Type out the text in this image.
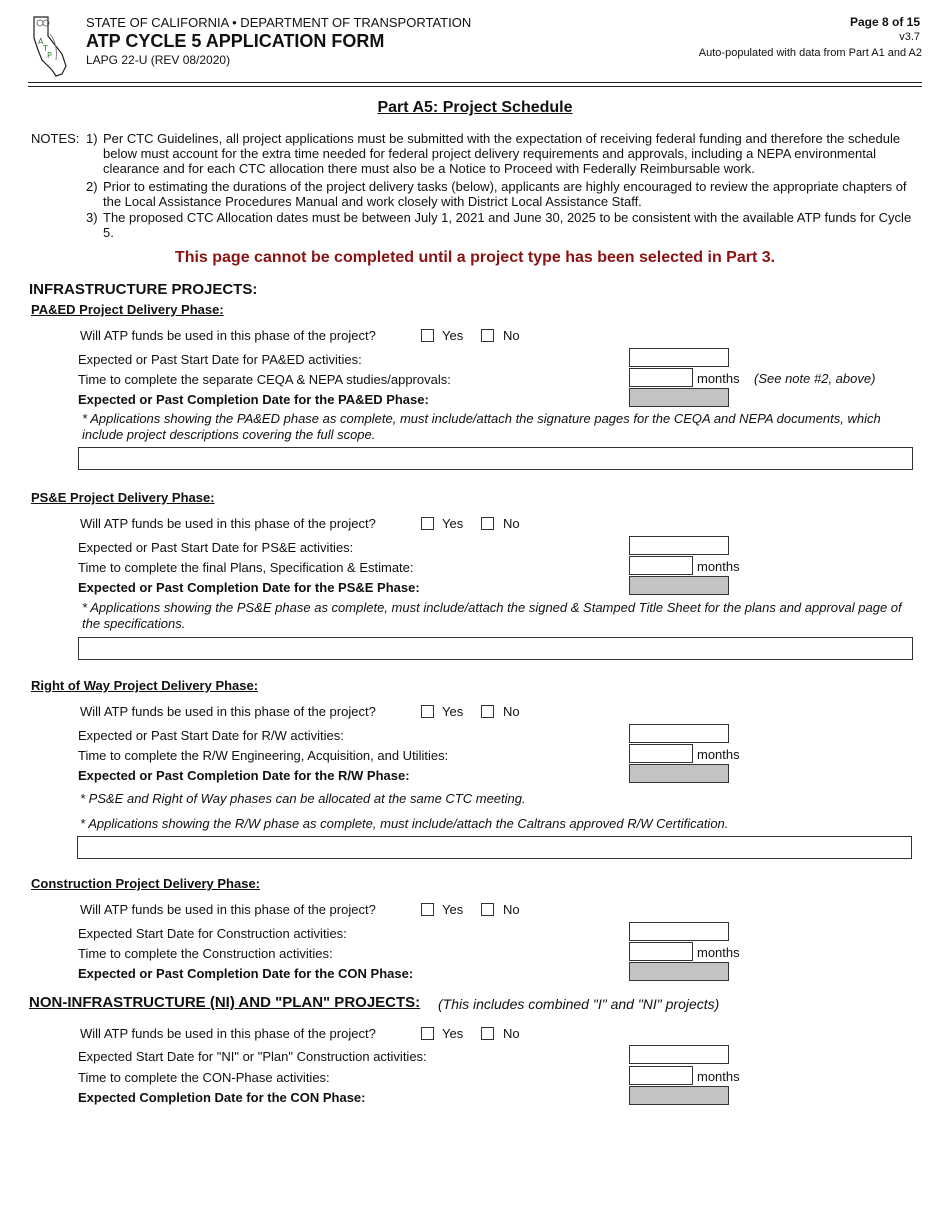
A
T
P
STATE OF CALIFORNIA • DEPARTMENT OF TRANSPORTATION
ATP CYCLE 5 APPLICATION FORM
LAPG 22-U (REV 08/2020)
Page 8 of 15
v3.7
Auto-populated with data from Part A1 and A2
Part A5: Project Schedule
NOTES: 1) Per CTC Guidelines, all project applications must be submitted with the expectation of receiving federal funding and therefore the schedule below must account for the extra time needed for federal project delivery requirements and approvals, including a NEPA environmental clearance and for each CTC allocation there must also be a Notice to Proceed with Federally Reimbursable work.
2) Prior to estimating the durations of the project delivery tasks (below), applicants are highly encouraged to review the appropriate chapters of the Local Assistance Procedures Manual and work closely with District Local Assistance Staff.
3) The proposed CTC Allocation dates must be between July 1, 2021 and June 30, 2025 to be consistent with the available ATP funds for Cycle 5.
This page cannot be completed until a project type has been selected in Part 3.
INFRASTRUCTURE PROJECTS:
PA&ED Project Delivery Phase:
Will ATP funds be used in this phase of the project?	Yes	No
Expected or Past Start Date for PA&ED activities:
Time to complete the separate CEQA & NEPA studies/approvals:	months (See note #2, above)
Expected or Past Completion Date for the PA&ED Phase:
* Applications showing the PA&ED phase as complete, must include/attach the signature pages for the CEQA and NEPA documents, which include project descriptions covering the full scope.
PS&E Project Delivery Phase:
Will ATP funds be used in this phase of the project?	Yes	No
Expected or Past Start Date for PS&E activities:
Time to complete the final Plans, Specification & Estimate:	months
Expected or Past Completion Date for the PS&E Phase:
* Applications showing the PS&E phase as complete, must include/attach the signed & Stamped Title Sheet for the plans and approval page of the specifications.
Right of Way Project Delivery Phase:
Will ATP funds be used in this phase of the project?	Yes	No
Expected or Past Start Date for R/W activities:
Time to complete the R/W Engineering, Acquisition, and Utilities:	months
Expected or Past Completion Date for the R/W Phase:
* PS&E and Right of Way phases can be allocated at the same CTC meeting.
* Applications showing the R/W phase as complete, must include/attach the Caltrans approved R/W Certification.
Construction Project Delivery Phase:
Will ATP funds be used in this phase of the project?	Yes	No
Expected Start Date for Construction activities:
Time to complete the Construction activities:	months
Expected or Past Completion Date for the CON Phase:
NON-INFRASTRUCTURE (NI) AND "PLAN" PROJECTS: (This includes combined "I" and "NI" projects)
Will ATP funds be used in this phase of the project?	Yes	No
Expected Start Date for "NI" or "Plan" Construction activities:
Time to complete the CON-Phase activities:	months
Expected Completion Date for the CON Phase:
